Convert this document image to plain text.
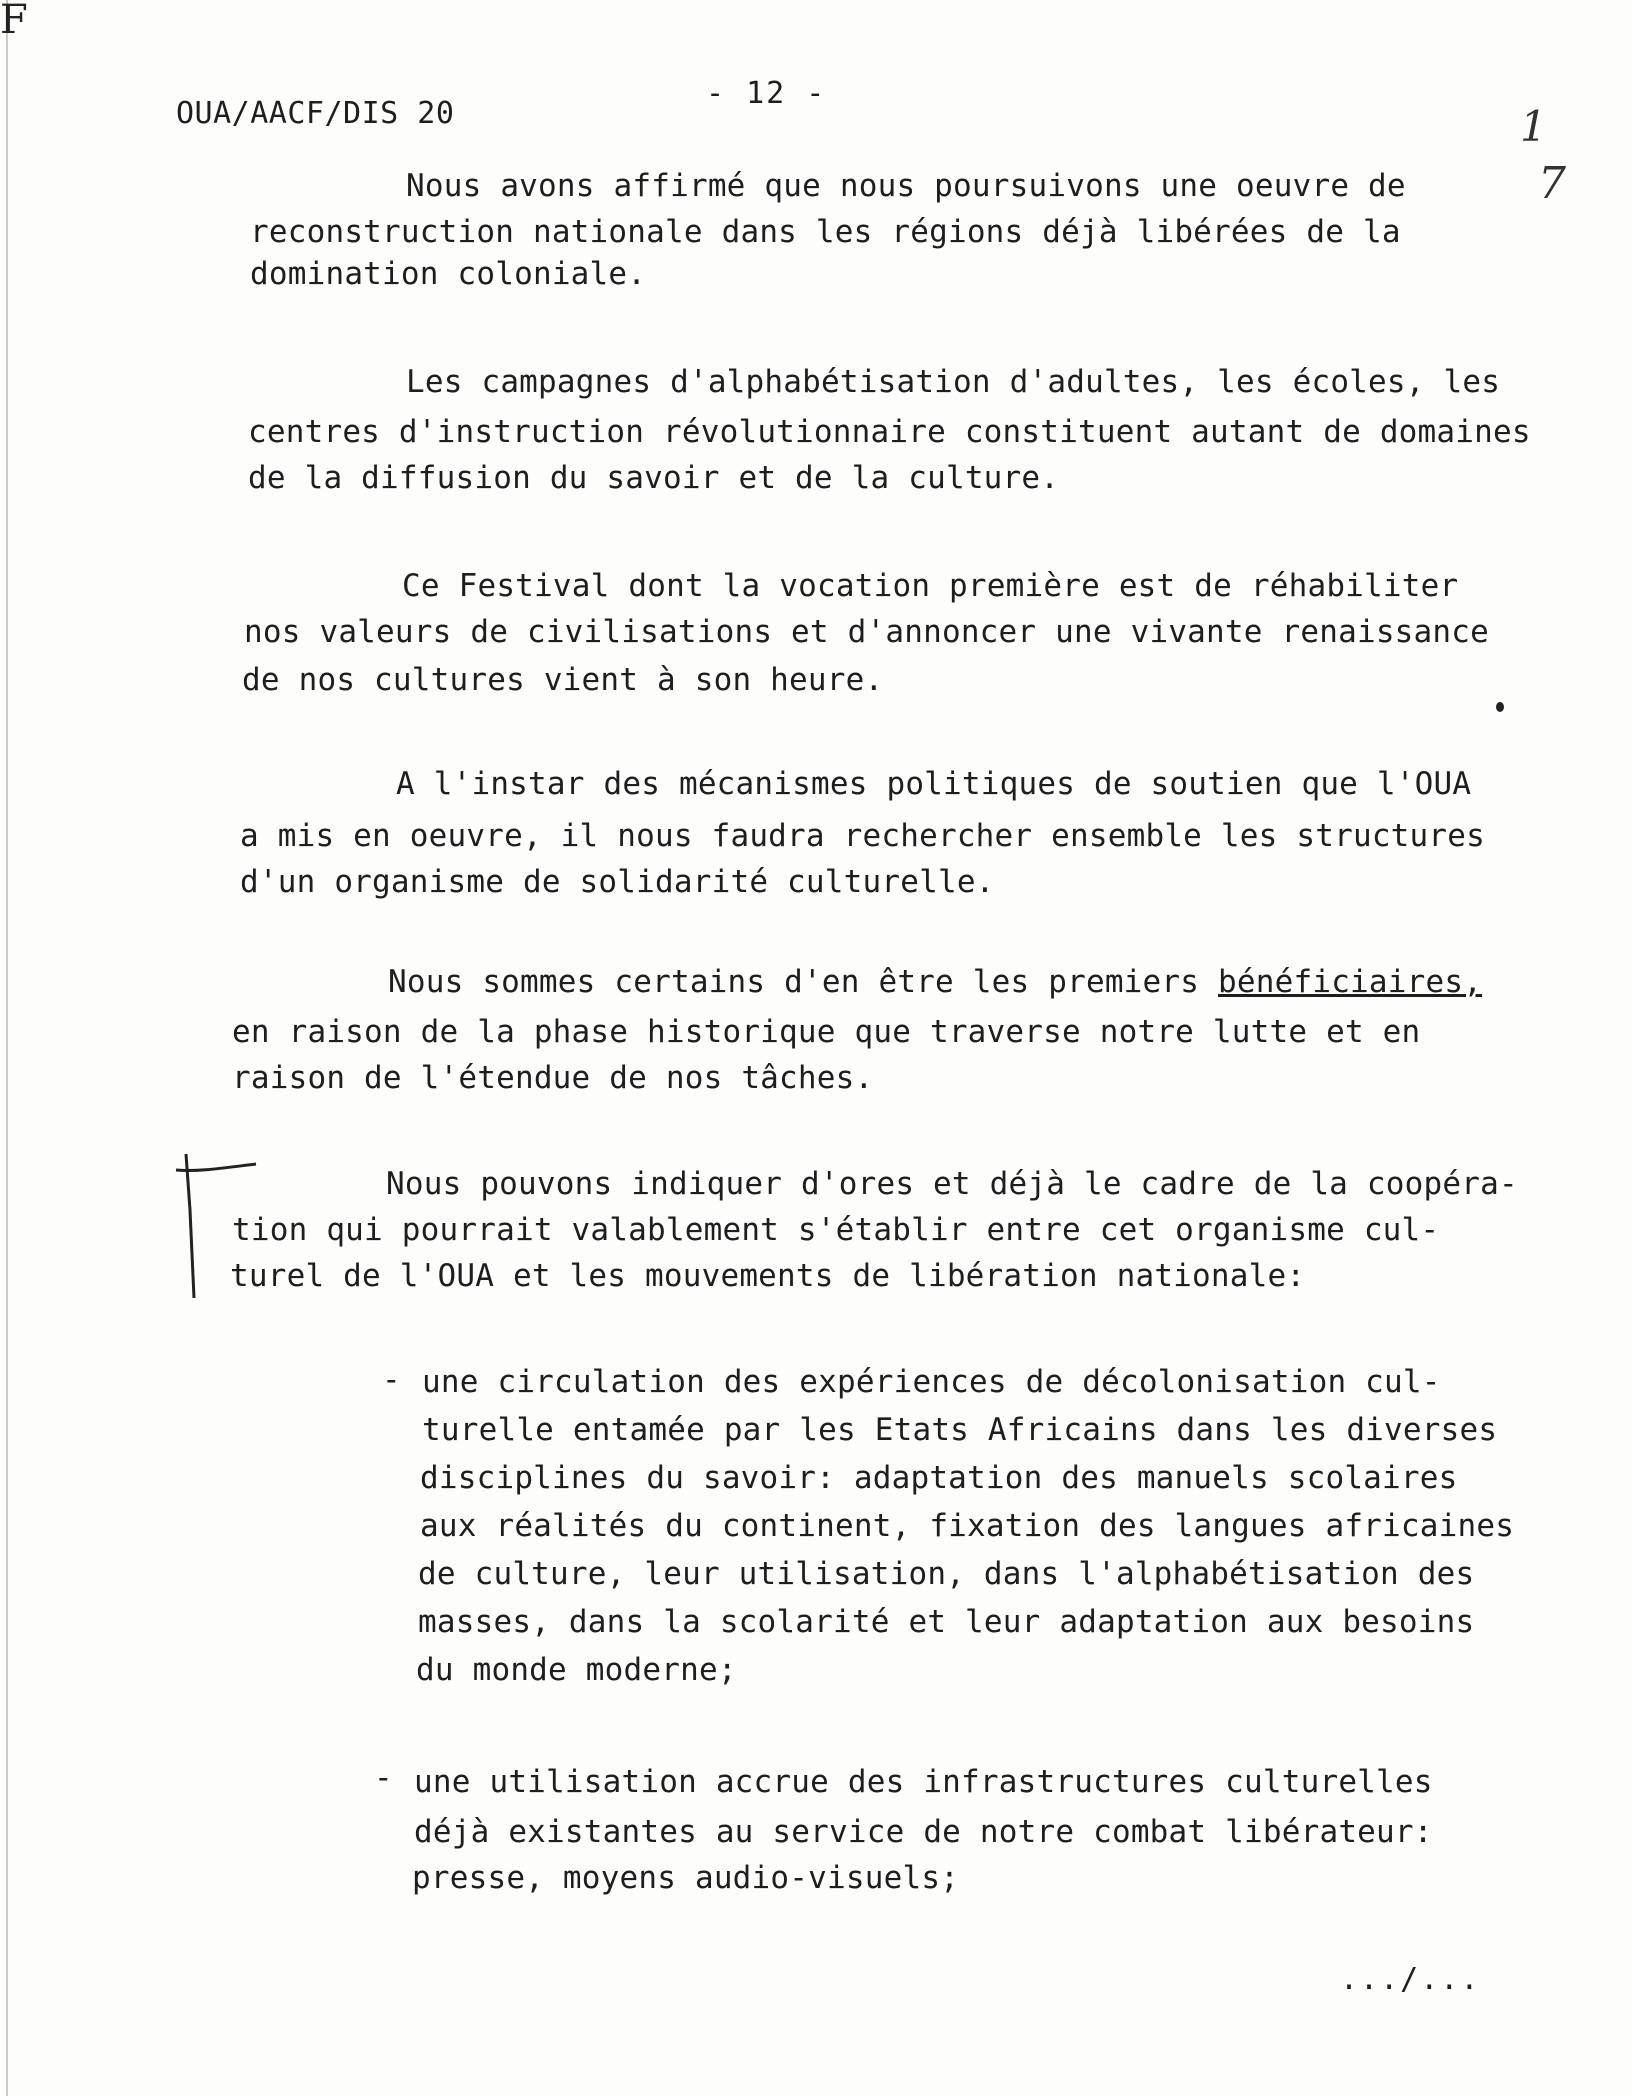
F
OUA/AACF/DIS 20
- 12 -
1
7
Nous avons affirmé que nous poursuivons une oeuvre de
reconstruction nationale dans les régions déjà libérées de la
domination coloniale.
Les campagnes d'alphabétisation d'adultes, les écoles, les
centres d'instruction révolutionnaire constituent autant de domaines
de la diffusion du savoir et de la culture.
Ce Festival dont la vocation première est de réhabiliter
nos valeurs de civilisations et d'annoncer une vivante renaissance
de nos cultures vient à son heure.
A l'instar des mécanismes politiques de soutien que l'OUA
a mis en oeuvre, il nous faudra rechercher ensemble les structures
d'un organisme de solidarité culturelle.
Nous sommes certains d'en être les premiers bénéficiaires,
en raison de la phase historique que traverse notre lutte et en
raison de l'étendue de nos tâches.
Nous pouvons indiquer d'ores et déjà le cadre de la coopéra-
tion qui pourrait valablement s'établir entre cet organisme cul-
turel de l'OUA et les mouvements de libération nationale:
- une circulation des expériences de décolonisation cul-
turelle entamée par les Etats Africains dans les diverses
disciplines du savoir: adaptation des manuels scolaires
aux réalités du continent, fixation des langues africaines
de culture, leur utilisation, dans l'alphabétisation des
masses, dans la scolarité et leur adaptation aux besoins
du monde moderne;
- une utilisation accrue des infrastructures culturelles
déjà existantes au service de notre combat libérateur:
presse, moyens audio-visuels;
.../...
